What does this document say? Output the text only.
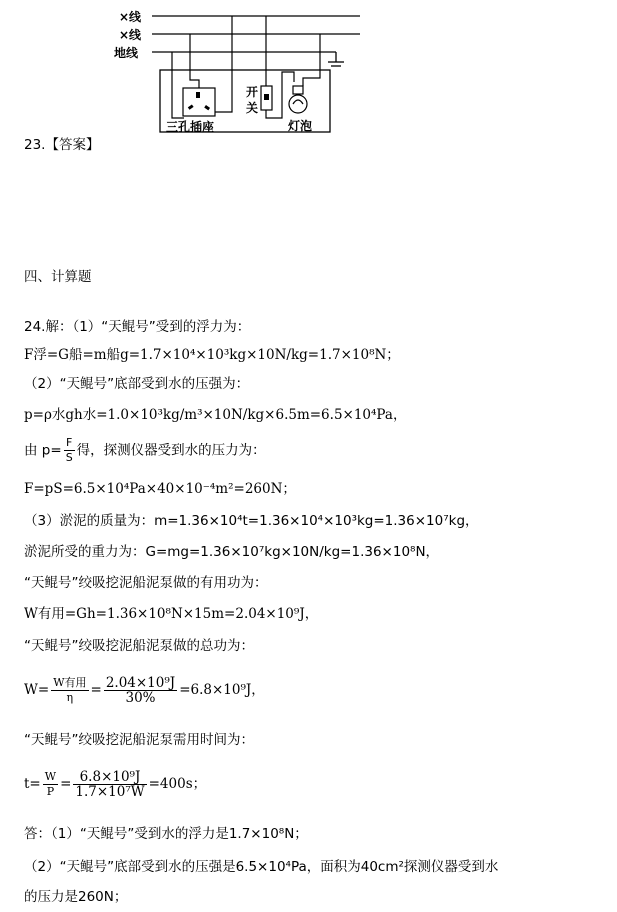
×线
×线
地线
三孔插座
开
关
灯泡
23.【答案】
四、计算题
24.解：（1）“天鲲号”受到的浮力为：
F浮=G船=m船g=1.7×10⁴×10³kg×10N/kg=1.7×10⁸N；
（2）“天鲲号”底部受到水的压强为：
p=ρ水gh水=1.0×10³kg/m³×10N/kg×6.5m=6.5×10⁴Pa，
由 $p= \frac{F}{S}$ 得，探测仪器受到水的压力为：
F=pS=6.5×10⁴Pa×40×10⁻⁴m²=260N；
（3）淤泥的质量为：m=1.36×10⁴t=1.36×10⁴×10³kg=1.36×10⁷kg，
淤泥所受的重力为：G=mg=1.36×10⁷kg×10N/kg=1.36×10⁸N，
“天鲲号”绞吸挖泥船泥泵做的有用功为：
W有用=Gh=1.36×10⁸N×15m=2.04×10⁹J，
“天鲲号”绞吸挖泥船泥泵做的总功为：
$W= \frac{\text{W有用}}{\eta} = \frac{\text{2.04×10⁹J}}{30\%} =6.8\times 10^9J$，
“天鲲号”绞吸挖泥船泥泵需用时间为：
$t= \frac{W}{P} = \frac{\text{6.8×10⁹J}}{\text{1.7×10⁷W}} =400s$；
答：（1）“天鲲号”受到水的浮力是1.7×10⁸N；
（2）“天鲲号”底部受到水的压强是6.5×10⁴Pa，面积为40cm²探测仪器受到水
的压力是260N；
